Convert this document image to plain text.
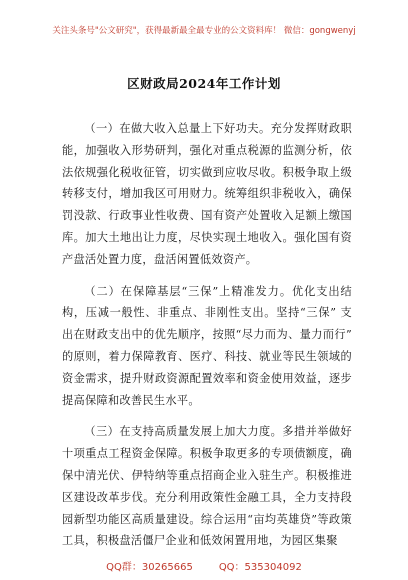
关注头条号"公文研究"，获得最新最全最专业的公文资料库！ 微信：gongwenyj
区财政局2024年工作计划

（一）在做大收入总量上下好功夫。充分发挥财政职能，加强收入形势研判，强化对重点税源的监测分析，依法依规强化税收征管，切实做到应收尽收。积极争取上级转移支付，增加我区可用财力。统筹组织非税收入，确保罚没款、行政事业性收费、国有资产处置收入足额上缴国库。加大土地出让力度，尽快实现土地收入。强化国有资产盘活处置力度，盘活闲置低效资产。

（二）在保障基层“三保”上精准发力。优化支出结构，压减一般性、非重点、非刚性支出。坚持“三保” 支出在财政支出中的优先顺序，按照“尽力而为、量力而行” 的原则，着力保障教育、医疗、科技、就业等民生领域的资金需求，提升财政资源配置效率和资金使用效益，逐步提高保障和改善民生水平。

（三）在支持高质量发展上加大力度。多措并举做好十项重点工程资金保障。积极争取更多的专项债额度，确保中清光伏、伊特纳等重点招商企业入驻生产。积极推进区建设改革步伐。充分利用政策性金融工具，全力支持段园新型功能区高质量建设。综合运用“亩均英雄贷”等政策工具，积极盘活僵尸企业和低效闲置用地，为园区集聚

QQ群：30265665	QQ：535304092
